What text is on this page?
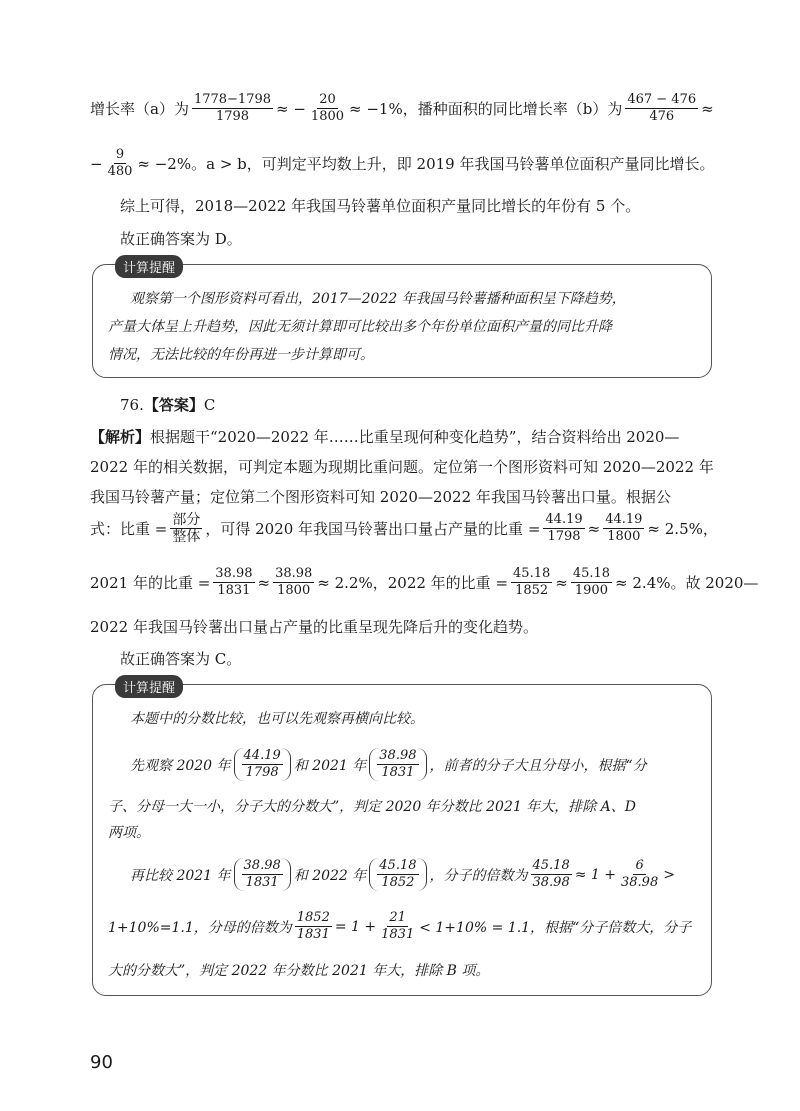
增长率（a）为 $\frac{1778-1798}{1798}$ ≈ − $\frac{20}{1800} \approx -1\%$，播种面积的同比增长率（b）为 $\frac{467 - 476}{476}$ ≈
− $\frac{9}{480} \approx -2\%$。a > b，可判定平均数上升，即 2019 年我国马铃薯单位面积产量同比增长。
综上可得，2018—2022 年我国马铃薯单位面积产量同比增长的年份有 5 个。
故正确答案为 D。
计算提醒
观察第一个图形资料可看出，2017—2022 年我国马铃薯播种面积呈下降趋势，
产量大体呈上升趋势，因此无须计算即可比较出多个年份单位面积产量的同比升降
情况，无法比较的年份再进一步计算即可。
76. 【答案】 C
【解析】 根据题干“2020—2022 年……比重呈现何种变化趋势”，结合资料给出 2020—
2022 年的相关数据，可判定本题为现期比重问题。定位第一个图形资料可知 2020—2022 年
我国马铃薯产量；定位第二个图形资料可知 2020—2022 年我国马铃薯出口量。根据公
式：比重 = $\frac{\text{部分}}{\text{整体}}$ ，可得 2020 年我国马铃薯出口量占产量的比重 = $\frac{44.19}{1798} \approx \frac{44.19}{1800} \approx 2.5\%$，
2021 年的比重 = $\frac{38.98}{1831} \approx \frac{38.98}{1800} \approx 2.2\%$，2022 年的比重 = $\frac{45.18}{1852} \approx \frac{45.18}{1900} \approx 2.4\%$。故 2020—
2022 年我国马铃薯出口量占产量的比重呈现先降后升的变化趋势。
故正确答案为 C。
计算提醒
本题中的分数比较，也可以先观察再横向比较。
先观察 2020 年 $\frac{44.19}{1798}$ 和 2021 年 $\frac{38.98}{1831}$ ，前者的分子大且分母小，根据“分
子、分母一大一小，分子大的分数大”，判定 2020 年分数比 2021 年大，排除 A、D
两项。
再比较 2021 年 $\frac{38.98}{1831}$ 和 2022 年 $\frac{45.18}{1852}$ ，分子的倍数为 $\frac{45.18}{38.98} \approx 1 + \frac{6}{38.98}$ >
1+10%=1.1，分母的倍数为 $\frac{1852}{1831} = 1 + \frac{21}{1831} < 1+10\% = 1.1$，根据“分子倍数大，分子
大的分数大”，判定 2022 年分数比 2021 年大，排除 B 项。
90
